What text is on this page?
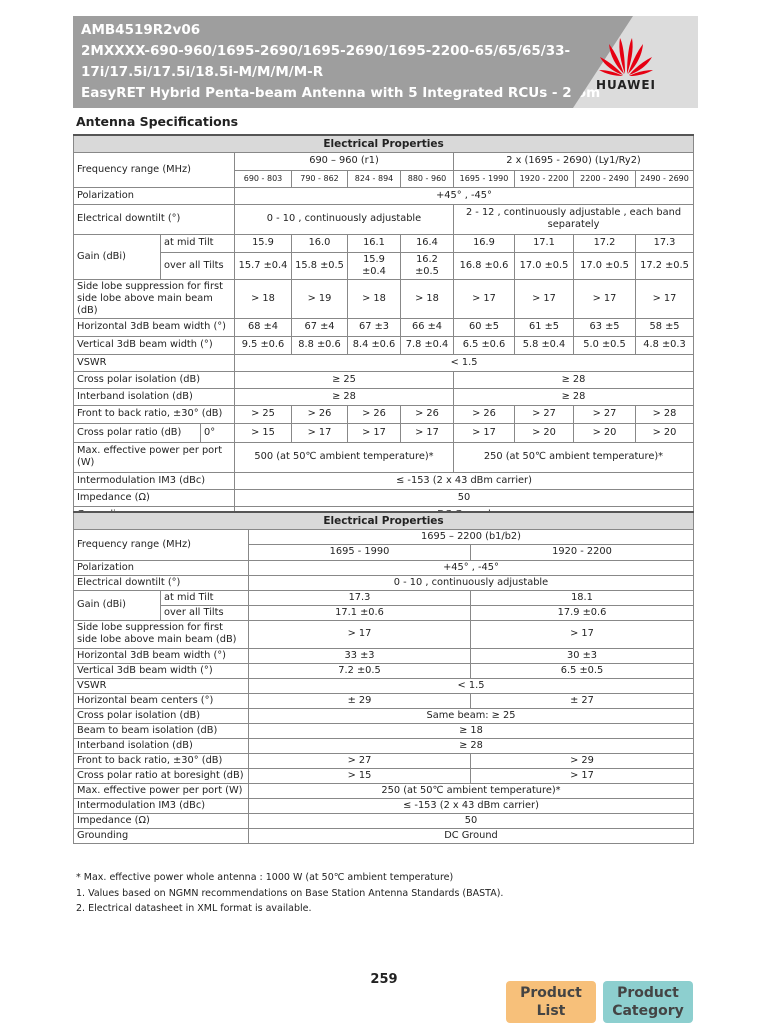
AMB4519R2v06
2MXXXX-690-960/1695-2690/1695-2690/1695-2200-65/65/65/33-
17i/17.5i/17.5i/18.5i-M/M/M/M-R
EasyRET Hybrid Penta-beam Antenna with 5 Integrated RCUs - 2.6m
HUAWEI
Antenna Specifications
Electrical Properties									
Frequency range (MHz)		690 – 960 (r1)				2 x (1695 - 2690) (Ly1/Ry2)			
		690 - 803	790 - 862	824 - 894	880 - 960	1695 - 1990	1920 - 2200	2200 - 2490	2490 - 2690
Polarization		+45° , -45°							
Electrical downtilt (°)		0 - 10 , continuously adjustable				2 - 12 , continuously adjustable , each band separately			
Gain (dBi)	at mid Tilt	15.9	16.0	16.1	16.4	16.9	17.1	17.2	17.3
	over all Tilts	15.7 ±0.4	15.8 ±0.5	15.9 ±0.4	16.2 ±0.5	16.8 ±0.6	17.0 ±0.5	17.0 ±0.5	17.2 ±0.5
Side lobe suppression for first side lobe above main beam (dB)		> 18	> 19	> 18	> 18	> 17	> 17	> 17	> 17
Horizontal 3dB beam width (°)		68 ±4	67 ±4	67 ±3	66 ±4	60 ±5	61 ±5	63 ±5	58 ±5
Vertical 3dB beam width (°)		9.5 ±0.6	8.8 ±0.6	8.4 ±0.6	7.8 ±0.4	6.5 ±0.6	5.8 ±0.4	5.0 ±0.5	4.8 ±0.3
VSWR		< 1.5							
Cross polar isolation (dB)		≥ 25				≥ 28			
Interband isolation (dB)		≥ 28				≥ 28			
Front to back ratio, ±30° (dB)		> 25	> 26	> 26	> 26	> 26	> 27	> 27	> 28

Cross polar ratio (dB) 0°		> 15	> 17	> 17	> 17	> 17	> 20	> 20	> 20
Max. effective power per port (W)		500 (at 50℃ ambient temperature)*				250 (at 50℃ ambient temperature)*			
Intermodulation IM3 (dBc)		≤ -153 (2 x 43 dBm carrier)							
Impedance (Ω)		50							

Electrical Properties			
Frequency range (MHz)		1695 – 2200 (b1/b2)	
		1695 - 1990	1920 - 2200
Polarization		+45° , -45°	
Electrical downtilt (°)		0 - 10 , continuously adjustable	
Gain (dBi)	at mid Tilt	17.3	18.1
	over all Tilts	17.1 ±0.6	17.9 ±0.6
Side lobe suppression for first side lobe above main beam (dB)		> 17	> 17
Horizontal 3dB beam width (°)		33 ±3	30 ±3
Vertical 3dB beam width (°)		7.2 ±0.5	6.5 ±0.5
VSWR		< 1.5	
Horizontal beam centers (°)		± 29	± 27
Cross polar isolation (dB)		Same beam: ≥ 25	
Beam to beam isolation (dB)		≥ 18	
Interband isolation (dB)		≥ 28	
Front to back ratio, ±30° (dB)		> 27	> 29
Cross polar ratio at boresight (dB)		> 15	> 17
Max. effective power per port (W)		250 (at 50℃ ambient temperature)*	
Intermodulation IM3 (dBc)		≤ -153 (2 x 43 dBm carrier)	
Impedance (Ω)		50	
Grounding		DC Ground	
* Max. effective power whole antenna : 1000 W (at 50℃ ambient temperature)
1. Values based on NGMN recommendations on Base Station Antenna Standards (BASTA).
2. Electrical datasheet in XML format is available.
259
Product
List
Product
Category
